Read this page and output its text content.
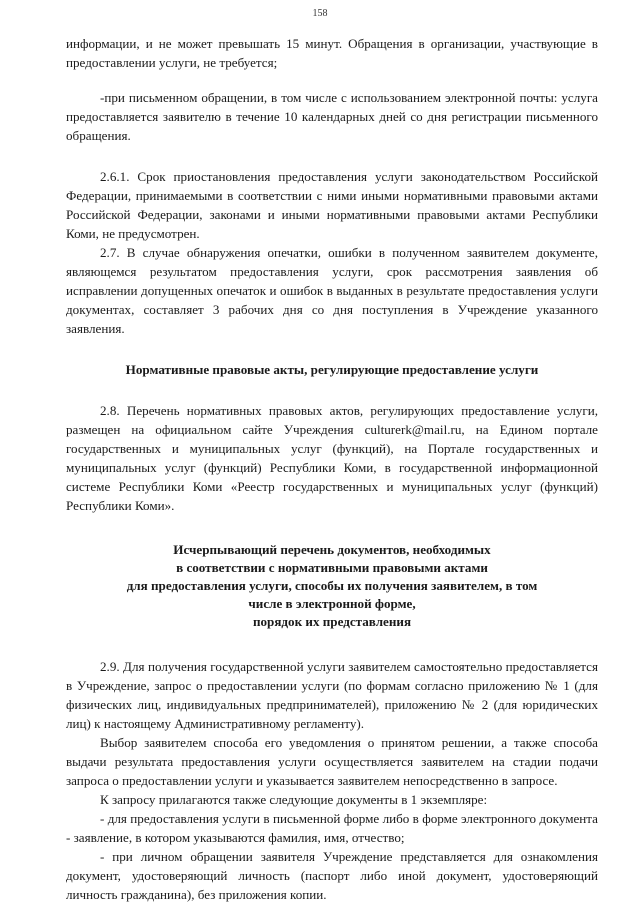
158

информации, и не может превышать 15 минут. Обращения в организации, участвующие в предоставлении услуги, не требуется;

-при письменном обращении, в том числе с использованием электронной почты: услуга предоставляется заявителю в течение 10 календарных дней со дня регистрации письменного обращения.

2.6.1. Срок приостановления предоставления услуги законодательством Российской Федерации, принимаемыми в соответствии с ними иными нормативными правовыми актами Российской Федерации, законами и иными нормативными правовыми актами Республики Коми, не предусмотрен.

2.7. В случае обнаружения опечатки, ошибки в полученном заявителем документе, являющемся результатом предоставления услуги, срок рассмотрения заявления об исправлении допущенных опечаток и ошибок в выданных в результате предоставления услуги документах, составляет 3 рабочих дня со дня поступления в Учреждение указанного заявления.

Нормативные правовые акты, регулирующие предоставление услуги

2.8. Перечень нормативных правовых актов, регулирующих предоставление услуги, размещен на официальном сайте Учреждения culturerk@mail.ru, на Едином портале государственных и муниципальных услуг (функций), на Портале государственных и муниципальных услуг (функций) Республики Коми, в государственной информационной системе Республики Коми «Реестр государственных и муниципальных услуг (функций) Республики Коми».

Исчерпывающий перечень документов, необходимых

в соответствии с нормативными правовыми актами

для предоставления услуги, способы их получения заявителем, в том

числе в электронной форме,

порядок их представления

2.9. Для получения государственной услуги заявителем самостоятельно предоставляется в Учреждение, запрос о предоставлении услуги (по формам согласно приложению № 1 (для физических лиц, индивидуальных предпринимателей), приложению № 2 (для юридических лиц) к настоящему Административному регламенту).

Выбор заявителем способа его уведомления о принятом решении, а также способа выдачи результата предоставления услуги осуществляется заявителем на стадии подачи запроса о предоставлении услуги и указывается заявителем непосредственно в запросе.

К запросу прилагаются также следующие документы в 1 экземпляре:

- для предоставления услуги в письменной форме либо в форме электронного документа - заявление, в котором указываются фамилия, имя, отчество;

- при личном обращении заявителя Учреждение представляется для ознакомления документ, удостоверяющий личность (паспорт либо иной документ, удостоверяющий личность гражданина), без приложения копии.
